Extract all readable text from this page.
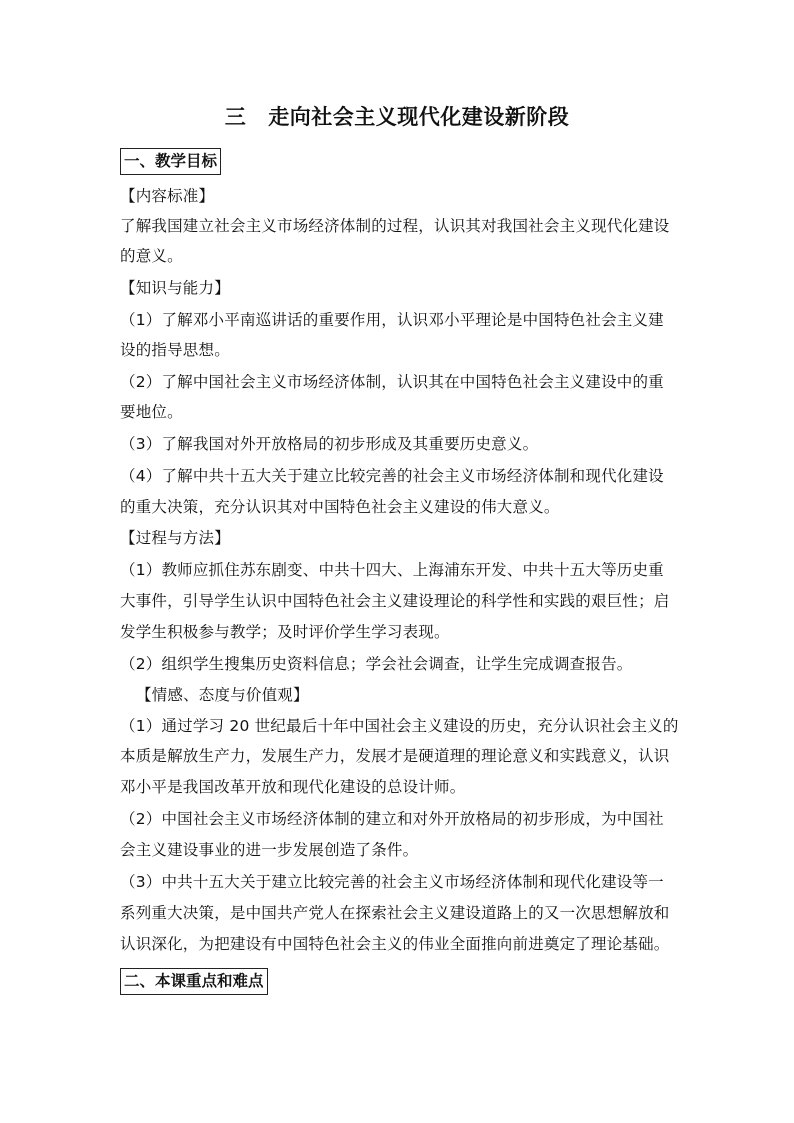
三 走向社会主义现代化建设新阶段
一、教学目标
【内容标准】
了解我国建立社会主义市场经济体制的过程，认识其对我国社会主义现代化建设
的意义。
【知识与能力】
（1）了解邓小平南巡讲话的重要作用，认识邓小平理论是中国特色社会主义建
设的指导思想。
（2）了解中国社会主义市场经济体制，认识其在中国特色社会主义建设中的重
要地位。
（3）了解我国对外开放格局的初步形成及其重要历史意义。
（4）了解中共十五大关于建立比较完善的社会主义市场经济体制和现代化建设
的重大决策，充分认识其对中国特色社会主义建设的伟大意义。
【过程与方法】
（1）教师应抓住苏东剧变、中共十四大、上海浦东开发、中共十五大等历史重
大事件，引导学生认识中国特色社会主义建设理论的科学性和实践的艰巨性；启
发学生积极参与教学；及时评价学生学习表现。
（2）组织学生搜集历史资料信息；学会社会调查，让学生完成调查报告。
【情感、态度与价值观】
（1）通过学习 20 世纪最后十年中国社会主义建设的历史，充分认识社会主义的
本质是解放生产力，发展生产力，发展才是硬道理的理论意义和实践意义，认识
邓小平是我国改革开放和现代化建设的总设计师。
（2）中国社会主义市场经济体制的建立和对外开放格局的初步形成，为中国社
会主义建设事业的进一步发展创造了条件。
（3）中共十五大关于建立比较完善的社会主义市场经济体制和现代化建设等一
系列重大决策，是中国共产党人在探索社会主义建设道路上的又一次思想解放和
认识深化，为把建设有中国特色社会主义的伟业全面推向前进奠定了理论基础。
二、本课重点和难点
